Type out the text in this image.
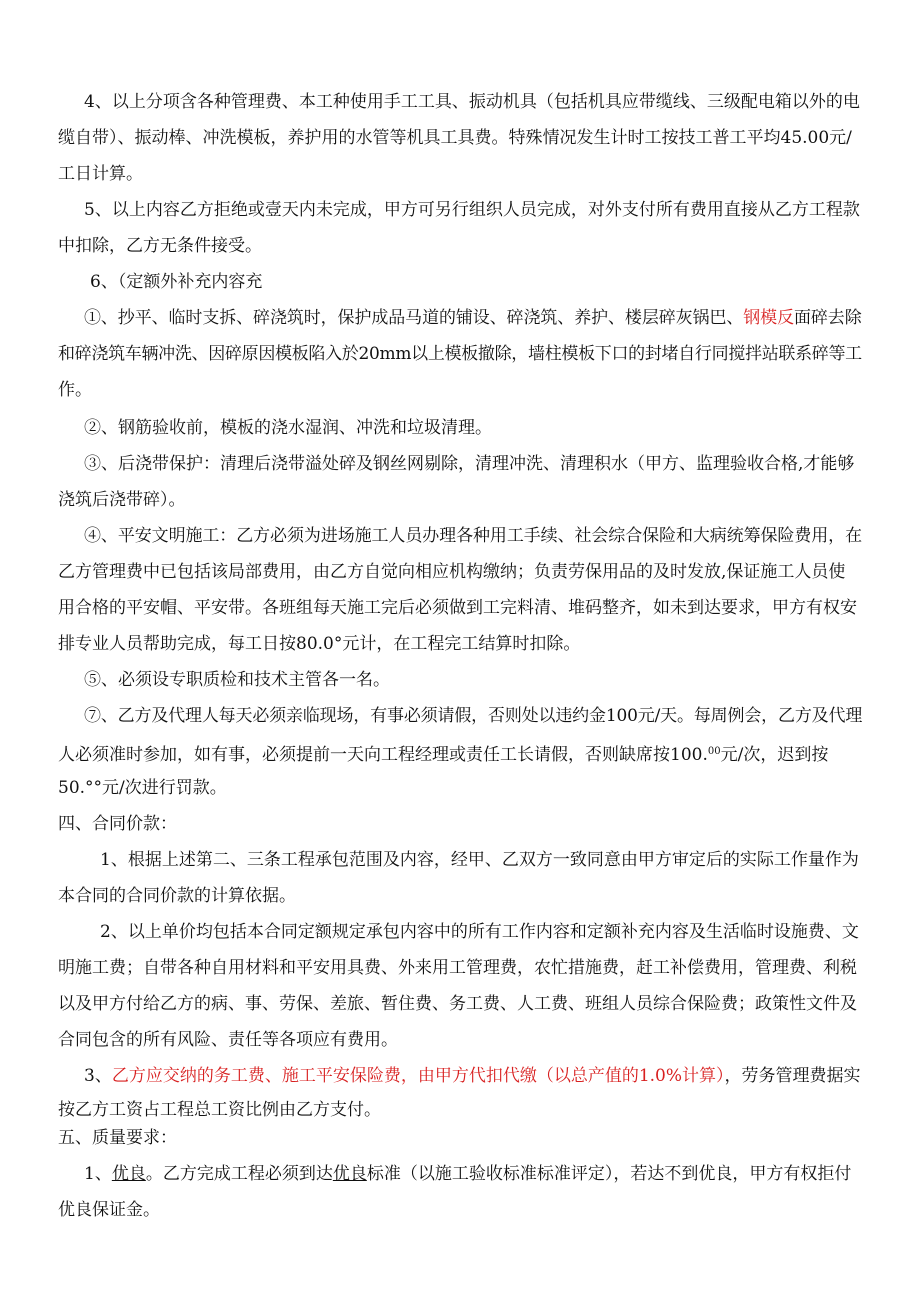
4、以上分项含各种管理费、本工种使用手工工具、振动机具（包括机具应带缆线、三级配电箱以外的电
缆自带）、振动棒、冲洗模板，养护用的水管等机具工具费。特殊情况发生计时工按技工普工平均45.00元/
工日计算。
5、以上内容乙方拒绝或壹天内未完成，甲方可另行组织人员完成，对外支付所有费用直接从乙方工程款
中扣除，乙方无条件接受。
6、（定额外补充内容充
①、抄平、临时支拆、碎浇筑时，保护成品马道的铺设、碎浇筑、养护、楼层碎灰锅巴、钢模反面碎去除
和碎浇筑车辆冲洗、因碎原因模板陷入於20mm以上模板撤除，墙柱模板下口的封堵自行同搅拌站联系碎等工
作。
②、钢筋验收前，模板的浇水湿润、冲洗和垃圾清理。
③、后浇带保护：清理后浇带溢处碎及钢丝网剔除，清理冲洗、清理积水（甲方、监理验收合格,才能够
浇筑后浇带碎）。
④、平安文明施工：乙方必须为进场施工人员办理各种用工手续、社会综合保险和大病统筹保险费用，在
乙方管理费中已包括该局部费用，由乙方自觉向相应机构缴纳；负责劳保用品的及时发放,保证施工人员使
用合格的平安帽、平安带。各班组每天施工完后必须做到工完料清、堆码整齐，如未到达要求，甲方有权安
排专业人员帮助完成，每工日按80.0°元计，在工程完工结算时扣除。
⑤、必须设专职质检和技术主管各一名。
⑦、乙方及代理人每天必须亲临现场，有事必须请假，否则处以违约金100元/天。每周例会，乙方及代理
人必须准时参加，如有事，必须提前一天向工程经理或责任工长请假，否则缺席按100.00元/次，迟到按
50.°°元/次进行罚款。
四、合同价款：
1、根据上述第二、三条工程承包范围及内容，经甲、乙双方一致同意由甲方审定后的实际工作量作为
本合同的合同价款的计算依据。
2、以上单价均包括本合同定额规定承包内容中的所有工作内容和定额补充内容及生活临时设施费、文
明施工费；自带各种自用材料和平安用具费、外来用工管理费，农忙措施费，赶工补偿费用，管理费、利税
以及甲方付给乙方的病、事、劳保、差旅、暂住费、务工费、人工费、班组人员综合保险费；政策性文件及
合同包含的所有风险、责任等各项应有费用。
3、乙方应交纳的务工费、施工平安保险费，由甲方代扣代缴（以总产值的1.0%计算），劳务管理费据实
按乙方工资占工程总工资比例由乙方支付。
五、质量要求：
1、优良。乙方完成工程必须到达优良标准（以施工验收标准标准评定），若达不到优良，甲方有权拒付
优良保证金。
